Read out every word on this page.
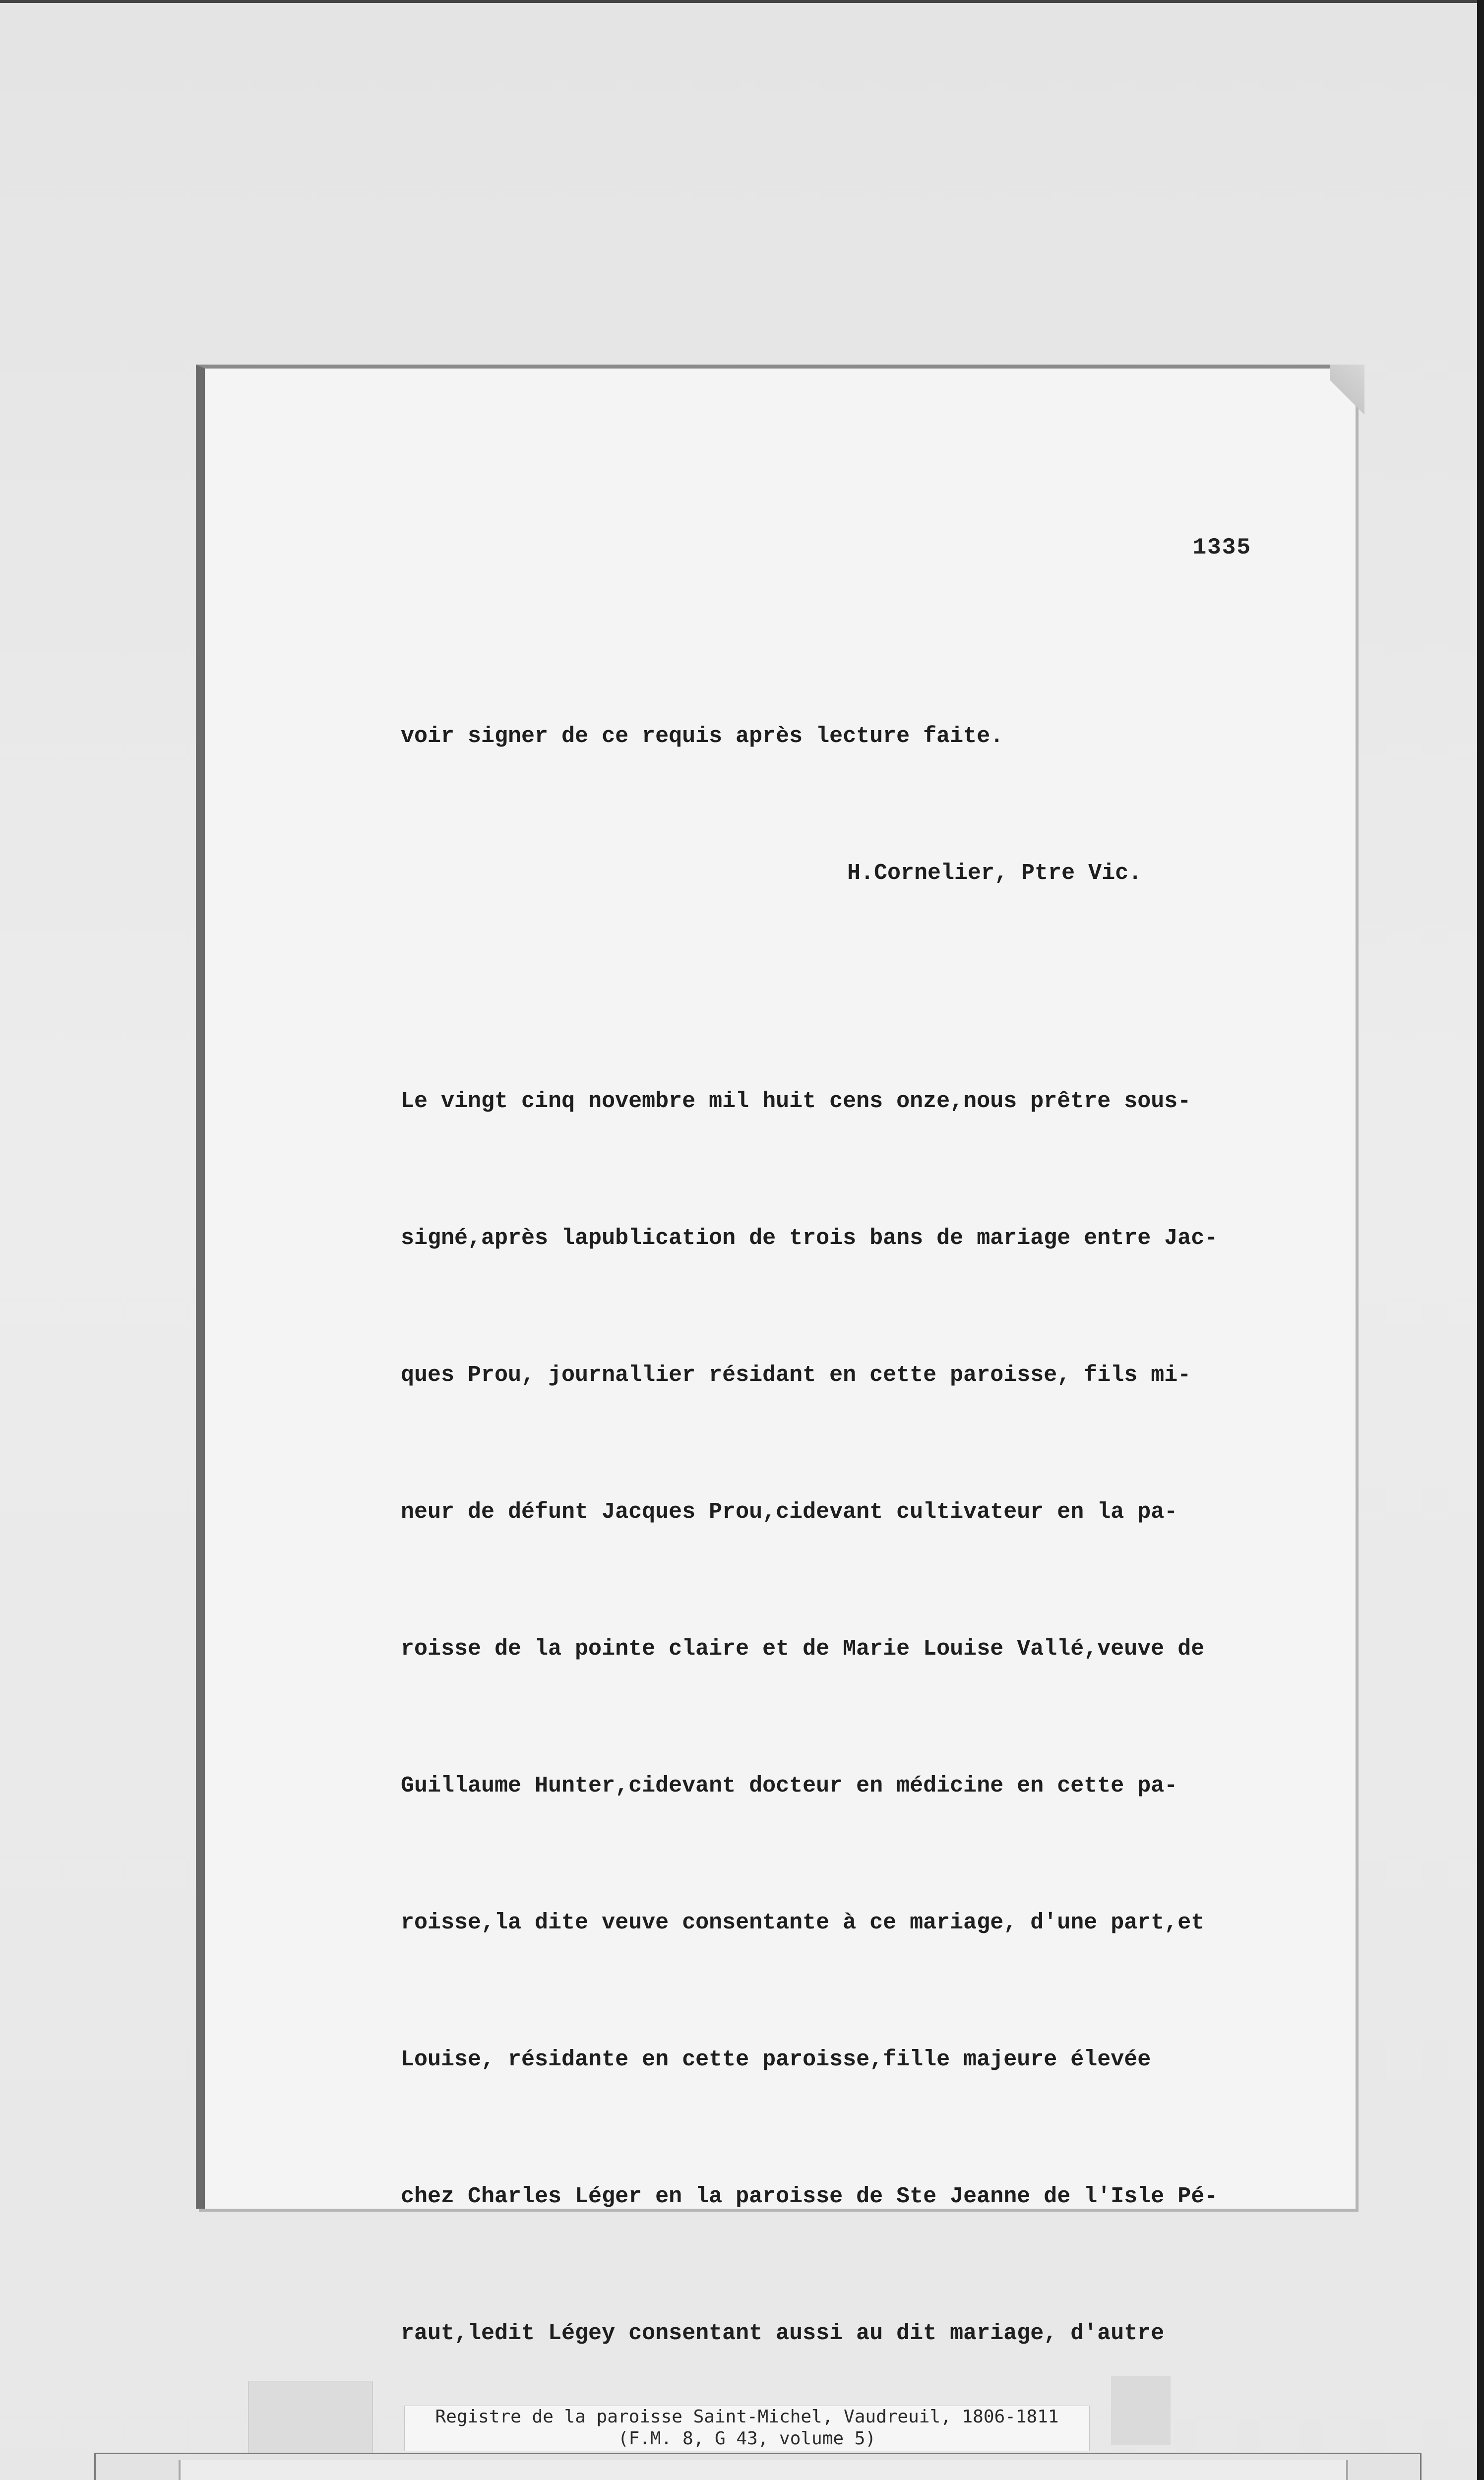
1335

voir signer de ce requis après lecture faite.

H.Cornelier, Ptre Vic.

Le vingt cinq novembre mil huit cens onze,nous prêtre sous-

signé,après lapublication de trois bans de mariage entre Jac-

ques Prou, journallier résidant en cette paroisse, fils mi-

neur de défunt Jacques Prou,cidevant cultivateur en la pa-

roisse de la pointe claire et de Marie Louise Vallé,veuve de

Guillaume Hunter,cidevant docteur en médicine en cette pa-

roisse,la dite veuve consentante à ce mariage, d'une part,et

Louise, résidante en cette paroisse,fille majeure élevée

chez Charles Léger en la paroisse de Ste Jeanne de l'Isle Pé-

raut,ledit Légey consentant aussi au dit mariage, d'autre

Registre de la paroisse Saint-Michel, Vaudreuil, 1806-1811
(F.M. 8, G 43, volume 5)
